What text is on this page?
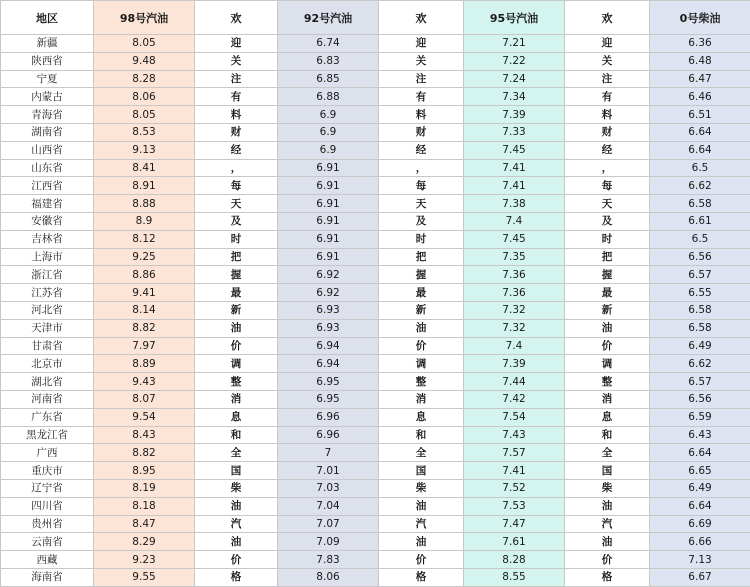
地区	98号汽油	欢	92号汽油	欢	95号汽油	欢	0号柴油
新疆	8.05	迎	6.74	迎	7.21	迎	6.36
陕西省	9.48	关	6.83	关	7.22	关	6.48
宁夏	8.28	注	6.85	注	7.24	注	6.47
内蒙古	8.06	有	6.88	有	7.34	有	6.46
青海省	8.05	料	6.9	料	7.39	料	6.51
湖南省	8.53	财	6.9	财	7.33	财	6.64
山西省	9.13	经	6.9	经	7.45	经	6.64
山东省	8.41	，	6.91	，	7.41	，	6.5
江西省	8.91	每	6.91	每	7.41	每	6.62
福建省	8.88	天	6.91	天	7.38	天	6.58
安徽省	8.9	及	6.91	及	7.4	及	6.61
吉林省	8.12	时	6.91	时	7.45	时	6.5
上海市	9.25	把	6.91	把	7.35	把	6.56
浙江省	8.86	握	6.92	握	7.36	握	6.57
江苏省	9.41	最	6.92	最	7.36	最	6.55
河北省	8.14	新	6.93	新	7.32	新	6.58
天津市	8.82	油	6.93	油	7.32	油	6.58
甘肃省	7.97	价	6.94	价	7.4	价	6.49
北京市	8.89	调	6.94	调	7.39	调	6.62
湖北省	9.43	整	6.95	整	7.44	整	6.57
河南省	8.07	消	6.95	消	7.42	消	6.56
广东省	9.54	息	6.96	息	7.54	息	6.59
黑龙江省	8.43	和	6.96	和	7.43	和	6.43
广西	8.82	全	7	全	7.57	全	6.64
重庆市	8.95	国	7.01	国	7.41	国	6.65
辽宁省	8.19	柴	7.03	柴	7.52	柴	6.49
四川省	8.18	油	7.04	油	7.53	油	6.64
贵州省	8.47	汽	7.07	汽	7.47	汽	6.69
云南省	8.29	油	7.09	油	7.61	油	6.66
西藏	9.23	价	7.83	价	8.28	价	7.13
海南省	9.55	格	8.06	格	8.55	格	6.67
